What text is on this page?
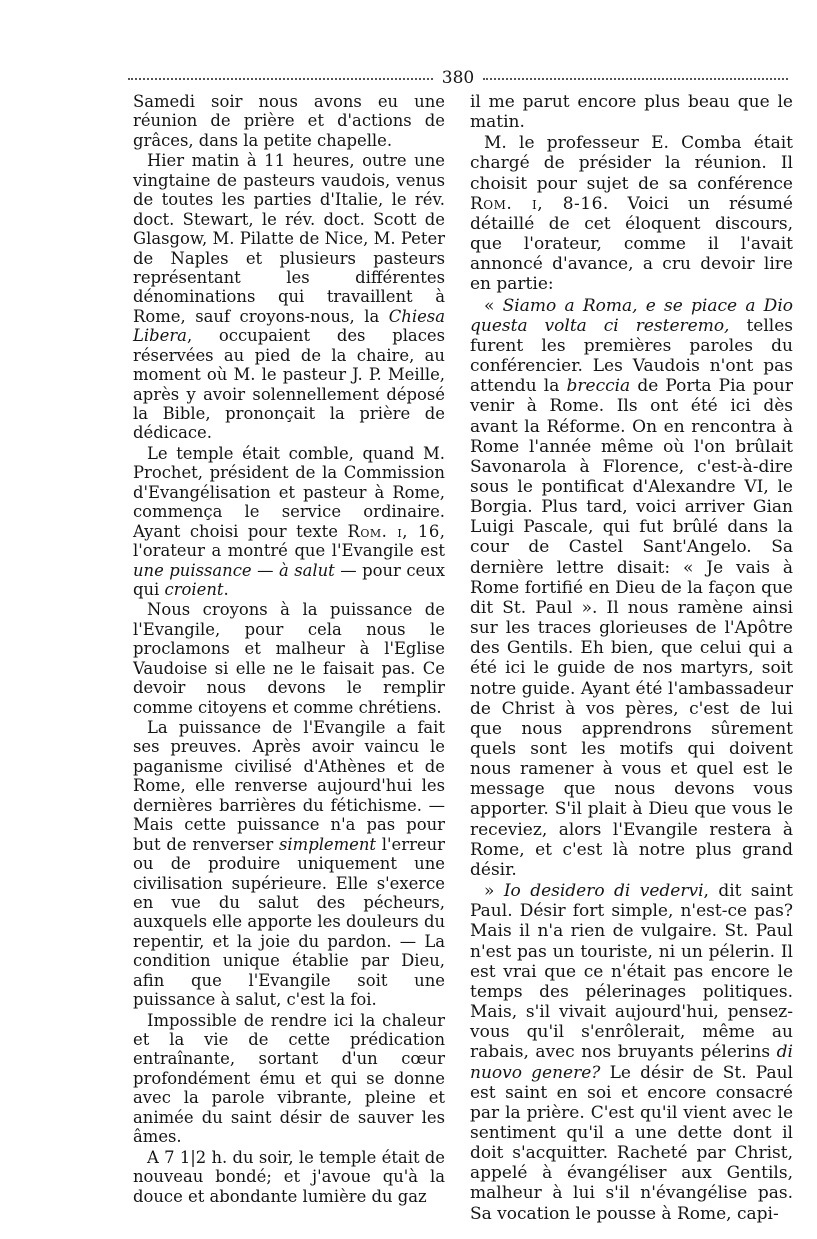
380

Samedi soir nous avons eu une réunion de prière et d'actions de grâces, dans la petite chapelle.

Hier matin à 11 heures, outre une vingtaine de pasteurs vaudois, venus de toutes les parties d'Italie, le rév. doct. Stewart, le rév. doct. Scott de Glasgow, M. Pilatte de Nice, M. Peter de Naples et plusieurs pasteurs représentant les différentes dénominations qui travaillent à Rome, sauf croyons-nous, la Chiesa Libera, occupaient des places réservées au pied de la chaire, au moment où M. le pasteur J. P. Meille, après y avoir solennellement déposé la Bible, prononçait la prière de dédicace.

Le temple était comble, quand M. Prochet, président de la Commission d'Evangélisation et pasteur à Rome, commença le service ordinaire. Ayant choisi pour texte Rom. i, 16, l'orateur a montré que l'Evangile est une puissance — à salut — pour ceux qui croient.

Nous croyons à la puissance de l'Evangile, pour cela nous le proclamons et malheur à l'Eglise Vaudoise si elle ne le faisait pas. Ce devoir nous devons le remplir comme citoyens et comme chrétiens.

La puissance de l'Evangile a fait ses preuves. Après avoir vaincu le paganisme civilisé d'Athènes et de Rome, elle renverse aujourd'hui les dernières barrières du fétichisme. — Mais cette puissance n'a pas pour but de renverser simplement l'erreur ou de produire uniquement une civilisation supérieure. Elle s'exerce en vue du salut des pécheurs, auxquels elle apporte les douleurs du repentir, et la joie du pardon. — La condition unique établie par Dieu, afin que l'Evangile soit une puissance à salut, c'est la foi.

Impossible de rendre ici la chaleur et la vie de cette prédication entraînante, sortant d'un cœur profondément ému et qui se donne avec la parole vibrante, pleine et animée du saint désir de sauver les âmes.

A 7 1|2 h. du soir, le temple était de nouveau bondé; et j'avoue qu'à la douce et abondante lumière du gaz

il me parut encore plus beau que le matin.

M. le professeur E. Comba était chargé de présider la réunion. Il choisit pour sujet de sa conférence Rom. i, 8-16. Voici un résumé détaillé de cet éloquent discours, que l'orateur, comme il l'avait annoncé d'avance, a cru devoir lire en partie:

« Siamo a Roma, e se piace a Dio questa volta ci resteremo, telles furent les premières paroles du conférencier. Les Vaudois n'ont pas attendu la breccia de Porta Pia pour venir à Rome. Ils ont été ici dès avant la Réforme. On en rencontra à Rome l'année même où l'on brûlait Savonarola à Florence, c'est-à-dire sous le pontificat d'Alexandre VI, le Borgia. Plus tard, voici arriver Gian Luigi Pascale, qui fut brûlé dans la cour de Castel Sant'Angelo. Sa dernière lettre disait: « Je vais à Rome fortifié en Dieu de la façon que dit St. Paul ». Il nous ramène ainsi sur les traces glorieuses de l'Apôtre des Gentils. Eh bien, que celui qui a été ici le guide de nos martyrs, soit notre guide. Ayant été l'ambassadeur de Christ à vos pères, c'est de lui que nous apprendrons sûrement quels sont les motifs qui doivent nous ramener à vous et quel est le message que nous devons vous apporter. S'il plait à Dieu que vous le receviez, alors l'Evangile restera à Rome, et c'est là notre plus grand désir.

» Io desidero di vedervi, dit saint Paul. Désir fort simple, n'est-ce pas? Mais il n'a rien de vulgaire. St. Paul n'est pas un touriste, ni un pélerin. Il est vrai que ce n'était pas encore le temps des pélerinages politiques. Mais, s'il vivait aujourd'hui, pensez-vous qu'il s'enrôlerait, même au rabais, avec nos bruyants pélerins di nuovo genere? Le désir de St. Paul est saint en soi et encore consacré par la prière. C'est qu'il vient avec le sentiment qu'il a une dette dont il doit s'acquitter. Racheté par Christ, appelé à évangéliser aux Gentils, malheur à lui s'il n'évangélise pas. Sa vocation le pousse à Rome, capi-
